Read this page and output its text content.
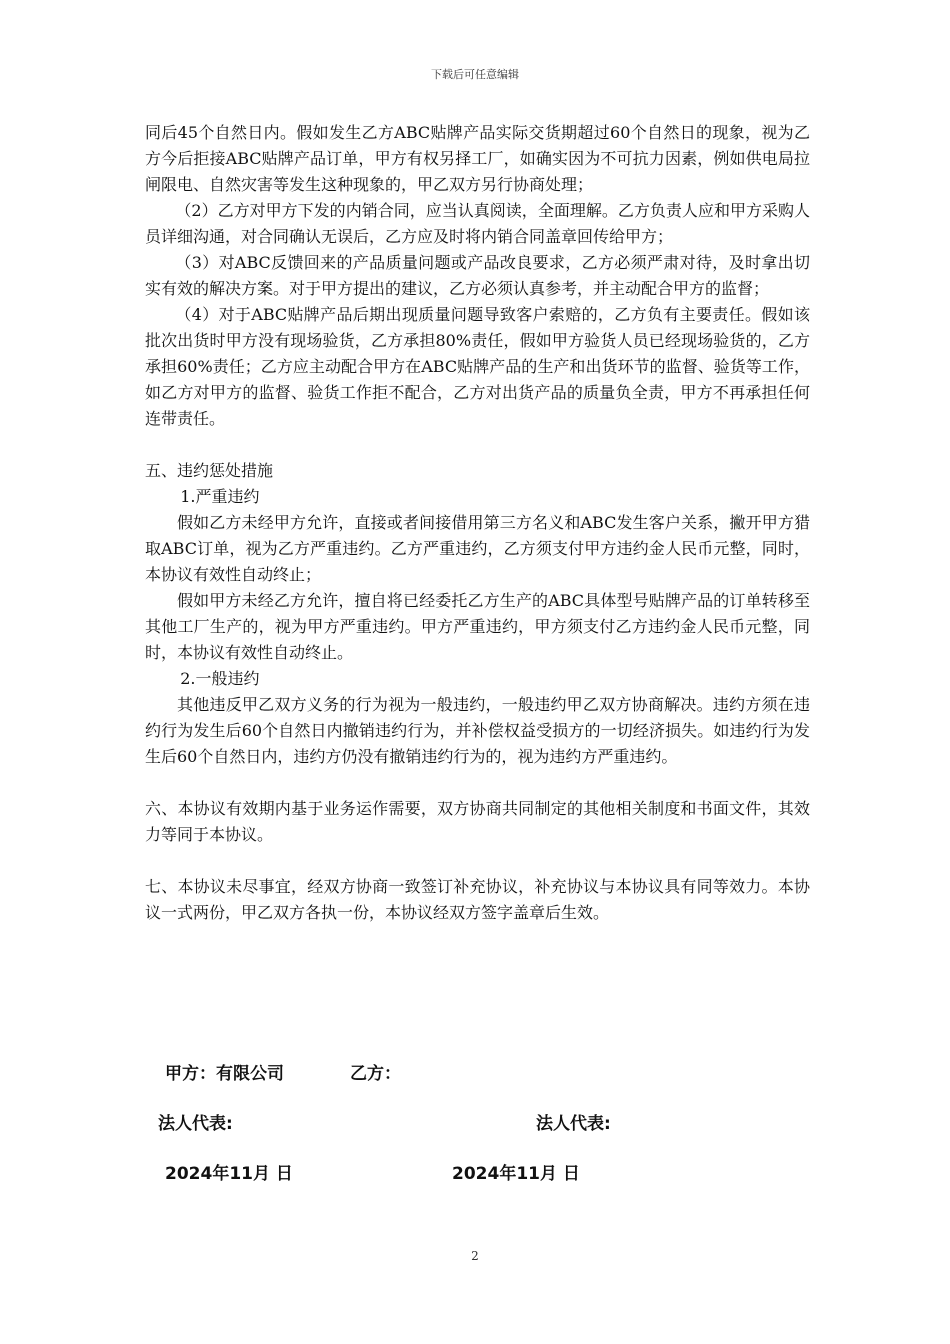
下载后可任意编辑

同后45个自然日内。假如发生乙方ABC贴牌产品实际交货期超过60个自然日的现象，视为乙方今后拒接ABC贴牌产品订单，甲方有权另择工厂，如确实因为不可抗力因素，例如供电局拉闸限电、自然灾害等发生这种现象的，甲乙双方另行协商处理；

（2）乙方对甲方下发的内销合同，应当认真阅读，全面理解。乙方负责人应和甲方采购人员详细沟通，对合同确认无误后，乙方应及时将内销合同盖章回传给甲方；

（3）对ABC反馈回来的产品质量问题或产品改良要求，乙方必须严肃对待，及时拿出切实有效的解决方案。对于甲方提出的建议，乙方必须认真参考，并主动配合甲方的监督；

（4）对于ABC贴牌产品后期出现质量问题导致客户索赔的，乙方负有主要责任。假如该批次出货时甲方没有现场验货，乙方承担80%责任，假如甲方验货人员已经现场验货的，乙方承担60%责任；乙方应主动配合甲方在ABC贴牌产品的生产和出货环节的监督、验货等工作，如乙方对甲方的监督、验货工作拒不配合，乙方对出货产品的质量负全责，甲方不再承担任何连带责任。

五、违约惩处措施

1.严重违约

假如乙方未经甲方允许，直接或者间接借用第三方名义和ABC发生客户关系，撇开甲方猎取ABC订单，视为乙方严重违约。乙方严重违约，乙方须支付甲方违约金人民币元整，同时，本协议有效性自动终止；

假如甲方未经乙方允许，擅自将已经委托乙方生产的ABC具体型号贴牌产品的订单转移至其他工厂生产的，视为甲方严重违约。甲方严重违约，甲方须支付乙方违约金人民币元整，同时，本协议有效性自动终止。

2.一般违约

其他违反甲乙双方义务的行为视为一般违约，一般违约甲乙双方协商解决。违约方须在违约行为发生后60个自然日内撤销违约行为，并补偿权益受损方的一切经济损失。如违约行为发生后60个自然日内，违约方仍没有撤销违约行为的，视为违约方严重违约。

六、本协议有效期内基于业务运作需要，双方协商共同制定的其他相关制度和书面文件，其效力等同于本协议。

七、本协议未尽事宜，经双方协商一致签订补充协议，补充协议与本协议具有同等效力。本协议一式两份，甲乙双方各执一份，本协议经双方签字盖章后生效。

甲方：有限公司	乙方：
法人代表:	法人代表:
2024年11月 日	2024年11月 日
2
